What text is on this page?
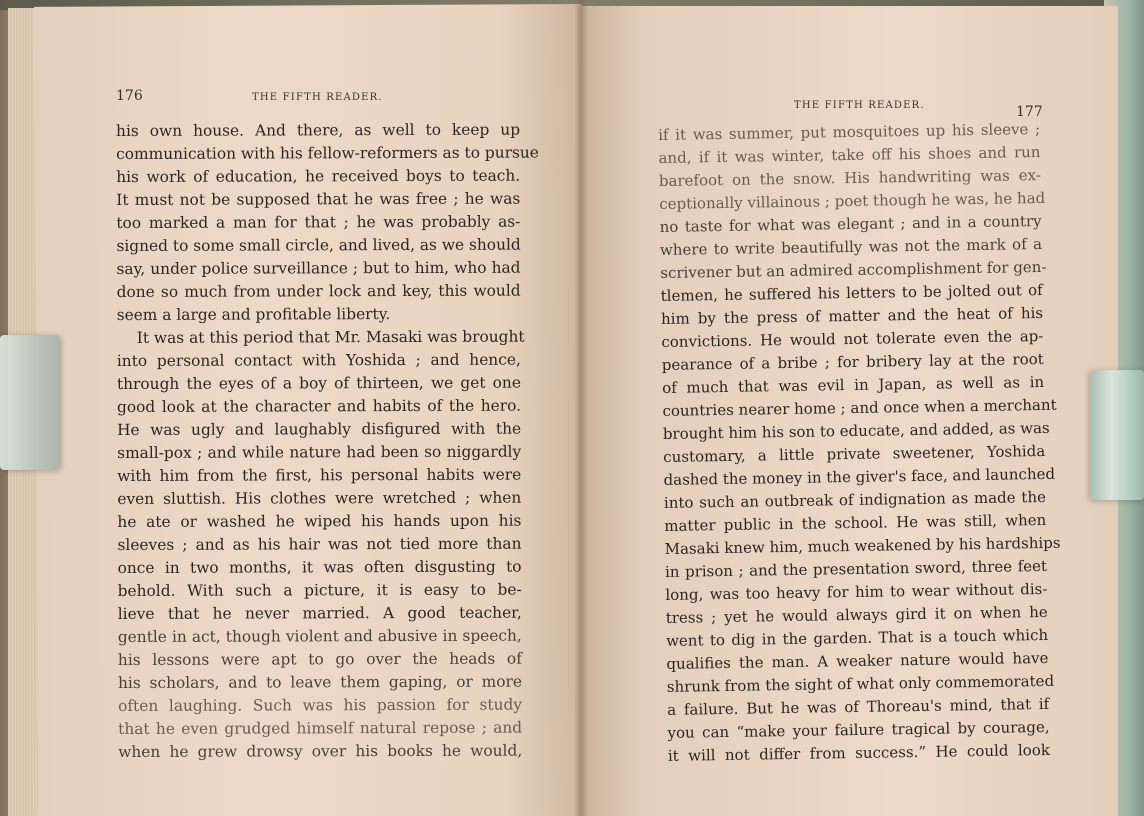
176	THE FIFTH READER.
THE FIFTH READER.	177
his own house. And there, as well to keep up
communication with his fellow-reformers as to pursue
his work of education, he received boys to teach.
It must not be supposed that he was free ; he was
too marked a man for that ; he was probably as-
signed to some small circle, and lived, as we should
say, under police surveillance ; but to him, who had
done so much from under lock and key, this would
seem a large and profitable liberty.
It was at this period that Mr. Masaki was brought
into personal contact with Yoshida ; and hence,
through the eyes of a boy of thirteen, we get one
good look at the character and habits of the hero.
He was ugly and laughably disfigured with the
small-pox ; and while nature had been so niggardly
with him from the first, his personal habits were
even sluttish. His clothes were wretched ; when
he ate or washed he wiped his hands upon his
sleeves ; and as his hair was not tied more than
once in two months, it was often disgusting to
behold. With such a picture, it is easy to be-
lieve that he never married. A good teacher,
gentle in act, though violent and abusive in speech,
his lessons were apt to go over the heads of
his scholars, and to leave them gaping, or more
often laughing. Such was his passion for study
that he even grudged himself natural repose ; and
when he grew drowsy over his books he would,
if it was summer, put mosquitoes up his sleeve ;
and, if it was winter, take off his shoes and run
barefoot on the snow. His handwriting was ex-
ceptionally villainous ; poet though he was, he had
no taste for what was elegant ; and in a country
where to write beautifully was not the mark of a
scrivener but an admired accomplishment for gen-
tlemen, he suffered his letters to be jolted out of
him by the press of matter and the heat of his
convictions. He would not tolerate even the ap-
pearance of a bribe ; for bribery lay at the root
of much that was evil in Japan, as well as in
countries nearer home ; and once when a merchant
brought him his son to educate, and added, as was
customary, a little private sweetener, Yoshida
dashed the money in the giver's face, and launched
into such an outbreak of indignation as made the
matter public in the school. He was still, when
Masaki knew him, much weakened by his hardships
in prison ; and the presentation sword, three feet
long, was too heavy for him to wear without dis-
tress ; yet he would always gird it on when he
went to dig in the garden. That is a touch which
qualifies the man. A weaker nature would have
shrunk from the sight of what only commemorated
a failure. But he was of Thoreau's mind, that if
you can “make your failure tragical by courage,
it will not differ from success.” He could look
